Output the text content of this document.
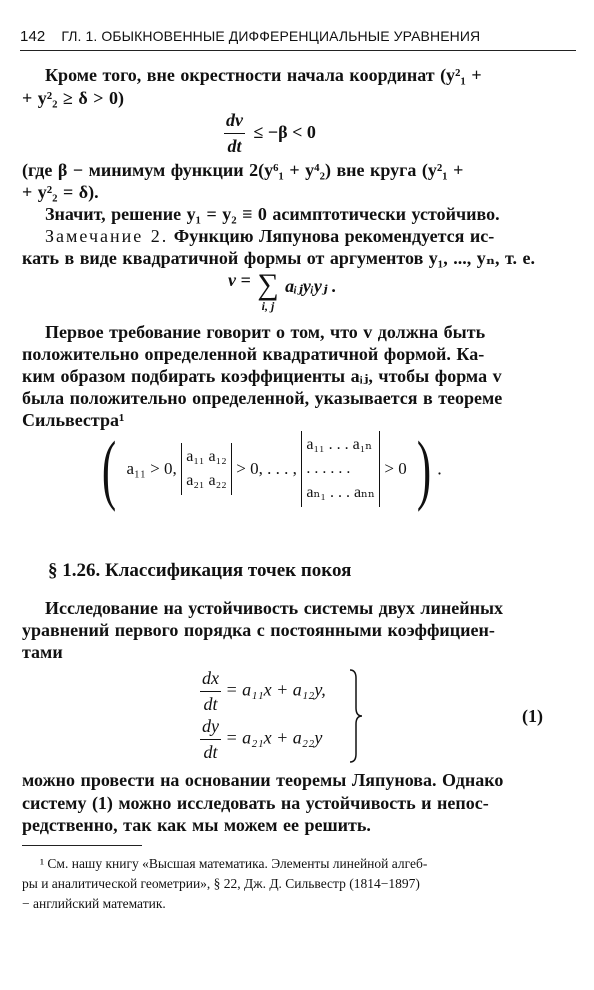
142 ГЛ. 1. ОБЫКНОВЕННЫЕ ДИФФЕРЕНЦИАЛЬНЫЕ УРАВНЕНИЯ
Кроме того, вне окрестности начала координат (y²₁ +
+ y²₂ ≥ δ > 0)
$\frac{dv}{dt} \le -\beta < 0$
(где β − минимум функции 2(y⁶₁ + y⁴₂) вне круга (y²₁ +
+ y²₂ = δ).
Значит, решение y₁ = y₂ ≡ 0 асимптотически устойчиво.
Замечание 2. Функцию Ляпунова рекомендуется ис-
кать в виде квадратичной формы от аргументов y₁, ..., yₙ, т. е.
v = ∑
i, j
aᵢⱼyᵢyⱼ .
Первое требование говорит о том, что v должна быть
положительно определенной квадратичной формой. Ка-
ким образом подбирать коэффициенты aᵢⱼ, чтобы форма v
была положительно определенной, указывается в теореме
Сильвестра¹
( a₁₁ > 0,
a₁₁ a₁₂
a₂₁ a₂₂
> 0, . . . ,
a₁₁ . . . a₁ₙ
. . . . . .
aₙ₁ . . . aₙₙ
> 0 ) .
§ 1.26. Классификация точек покоя
Исследование на устойчивость системы двух линейных
уравнений первого порядка с постоянными коэффициен-
тами
$\frac{dx}{dt} = a_{11}x + a_{12}y$,
$\frac{dy}{dt} = a_{21}x + a_{22}y$
(1)
можно провести на основании теоремы Ляпунова. Однако
систему (1) можно исследовать на устойчивость и непос-
редственно, так как мы можем ее решить.
¹ См. нашу книгу «Высшая математика. Элементы линейной алгеб-
ры и аналитической геометрии», § 22, Дж. Д. Сильвестр (1814−1897)
− английский математик.
